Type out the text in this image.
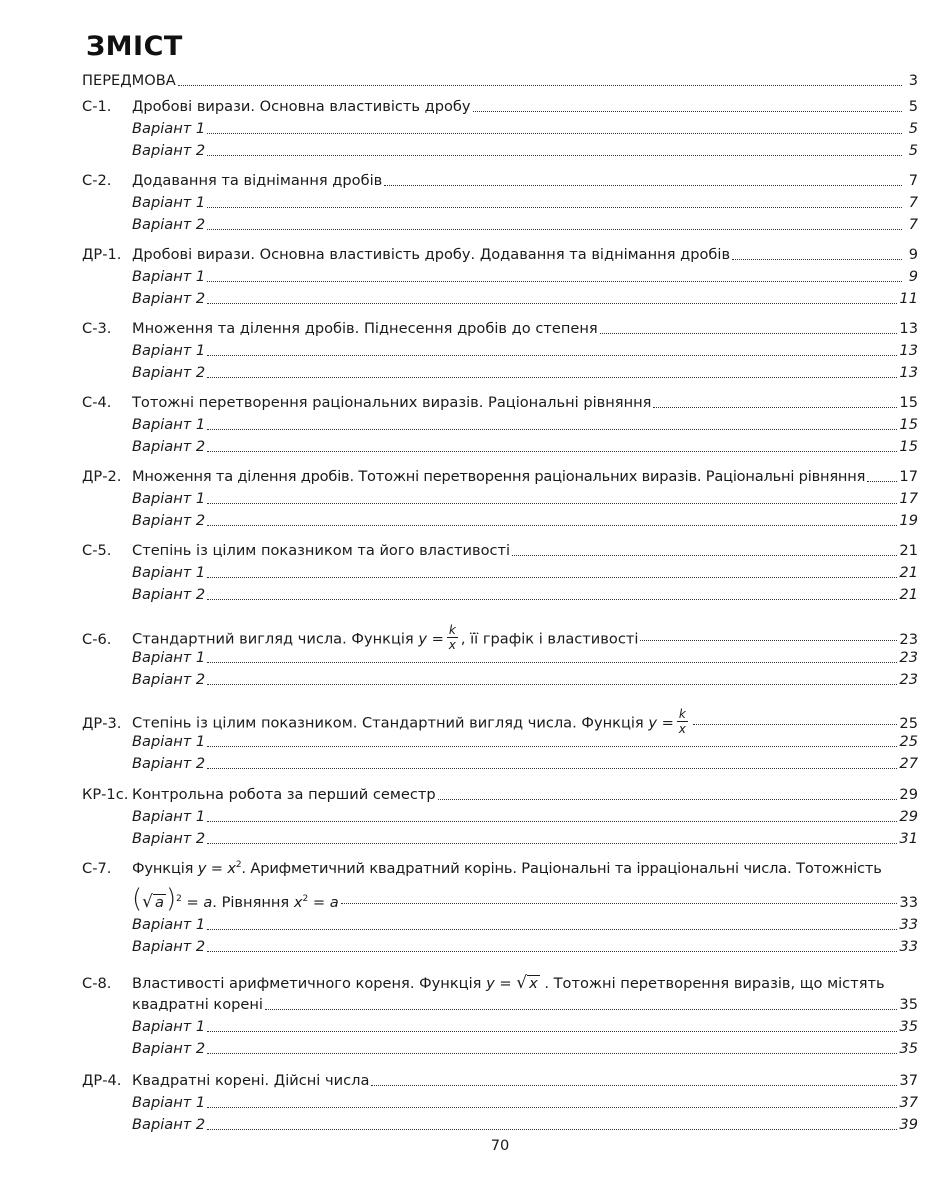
ЗМІСТ
ПЕРЕДМОВА	3
С-1.	Дробові вирази. Основна властивість дробу	5
Варіант 1	5
Варіант 2	5
С-2.	Додавання та віднімання дробів	7
Варіант 1	7
Варіант 2	7
ДР-1. Дробові вирази. Основна властивість дробу. Додавання та віднімання дробів	9
Варіант 1	9
Варіант 2	11
С-3.	Множення та ділення дробів. Піднесення дробів до степеня	13
Варіант 1	13
Варіант 2	13
С-4.	Тотожні перетворення раціональних виразів. Раціональні рівняння	15
Варіант 1	15
Варіант 2	15
ДР-2. Множення та ділення дробів. Тотожні перетворення раціональних виразів. Раціональні рівняння 17
Варіант 1	17
Варіант 2	19
С-5.	Степінь із цілим показником та його властивості	21
Варіант 1	21
Варіант 2	21
С-6.	Стандартний вигляд числа. Функція $y = \frac{k}{x}$ , її графік і властивості	23
Варіант 1	23
Варіант 2	23
ДР-3. Степінь із цілим показником. Стандартний вигляд числа. Функція $y = \frac{k}{x}$	25
Варіант 1	25
Варіант 2	27
КР-1с. Контрольна робота за перший семестр	29
Варіант 1	29
Варіант 2	31
С-7.	Функція $y = x^2$. Арифметичний квадратний корінь. Раціональні та ірраціональні числа. Тотожність
( √ a )$^2$ = a. Рівняння $x^2 = a$	33
Варіант 1	33
Варіант 2	33
С-8.	Властивості арифметичного кореня. Функція y = √ x . Тотожні перетворення виразів, що містять
квадратні корені	35
Варіант 1	35
Варіант 2	35
ДР-4. Квадратні корені. Дійсні числа	37
Варіант 1	37
Варіант 2	39
70
